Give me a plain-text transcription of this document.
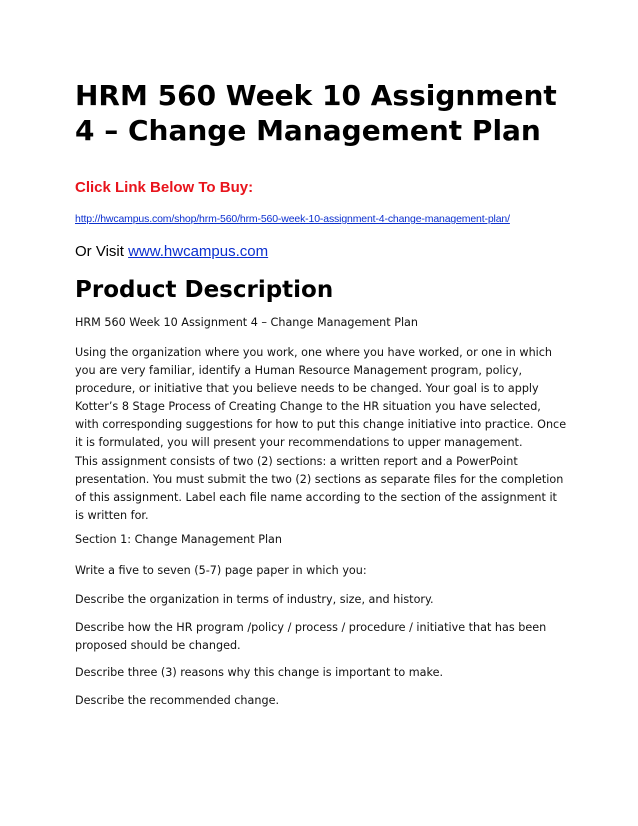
HRM 560 Week 10 Assignment
4 – Change Management Plan

Click Link Below To Buy:

http://hwcampus.com/shop/hrm-560/hrm-560-week-10-assignment-4-change-management-plan/

Or Visit www.hwcampus.com

Product Description

HRM 560 Week 10 Assignment 4 – Change Management Plan

Using the organization where you work, one where you have worked, or one in which you are very familiar, identify a Human Resource Management program, policy, procedure, or initiative that you believe needs to be changed. Your goal is to apply Kotter’s 8 Stage Process of Creating Change to the HR situation you have selected, with corresponding suggestions for how to put this change initiative into practice. Once it is formulated, you will present your recommendations to upper management.

This assignment consists of two (2) sections: a written report and a PowerPoint presentation. You must submit the two (2) sections as separate files for the completion of this assignment. Label each file name according to the section of the assignment it is written for.

Section 1: Change Management Plan

Write a five to seven (5-7) page paper in which you:

Describe the organization in terms of industry, size, and history.

Describe how the HR program /policy / process / procedure / initiative that has been proposed should be changed.

Describe three (3) reasons why this change is important to make.

Describe the recommended change.
